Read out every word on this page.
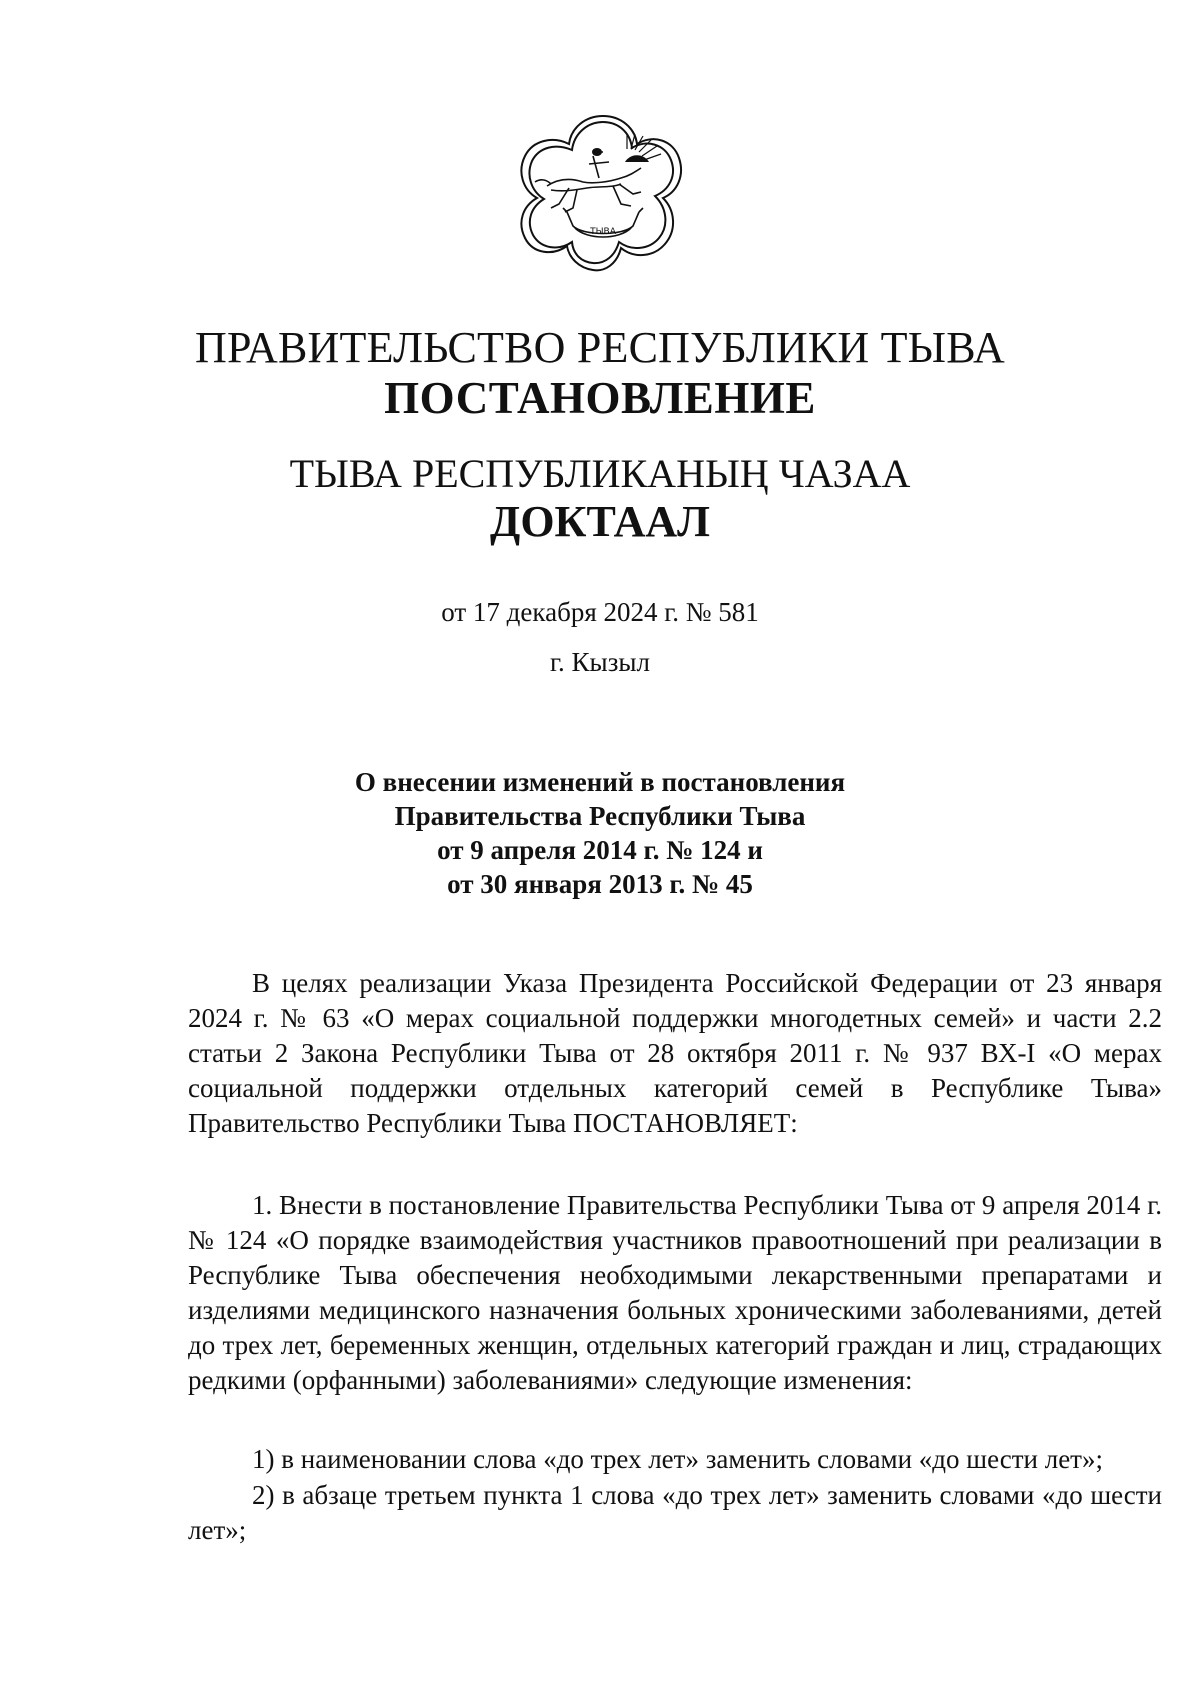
ТЫВА
ПРАВИТЕЛЬСТВО РЕСПУБЛИКИ ТЫВА
ПОСТАНОВЛЕНИЕ
ТЫВА РЕСПУБЛИКАНЫҢ ЧАЗАА
ДОКТААЛ
от 17 декабря 2024 г. № 581
г. Кызыл
О внесении изменений в постановления
Правительства Республики Тыва
от 9 апреля 2014 г. № 124 и
от 30 января 2013 г. № 45

В целях реализации Указа Президента Российской Федерации от 23 января 2024 г. № 63 «О мерах социальной поддержки многодетных семей» и части 2.2 статьи 2 Закона Республики Тыва от 28 октября 2011 г. № 937 ВХ-I «О мерах социальной поддержки отдельных категорий семей в Республике Тыва» Правительство Республики Тыва ПОСТАНОВЛЯЕТ:

1. Внести в постановление Правительства Республики Тыва от 9 апреля 2014 г. № 124 «О порядке взаимодействия участников правоотношений при реализации в Республике Тыва обеспечения необходимыми лекарственными препаратами и изделиями медицинского назначения больных хроническими заболеваниями, детей до трех лет, беременных женщин, отдельных категорий граждан и лиц, страдающих редкими (орфанными) заболеваниями» следующие изменения:

1) в наименовании слова «до трех лет» заменить словами «до шести лет»;

2) в абзаце третьем пункта 1 слова «до трех лет» заменить словами «до шести лет»;
